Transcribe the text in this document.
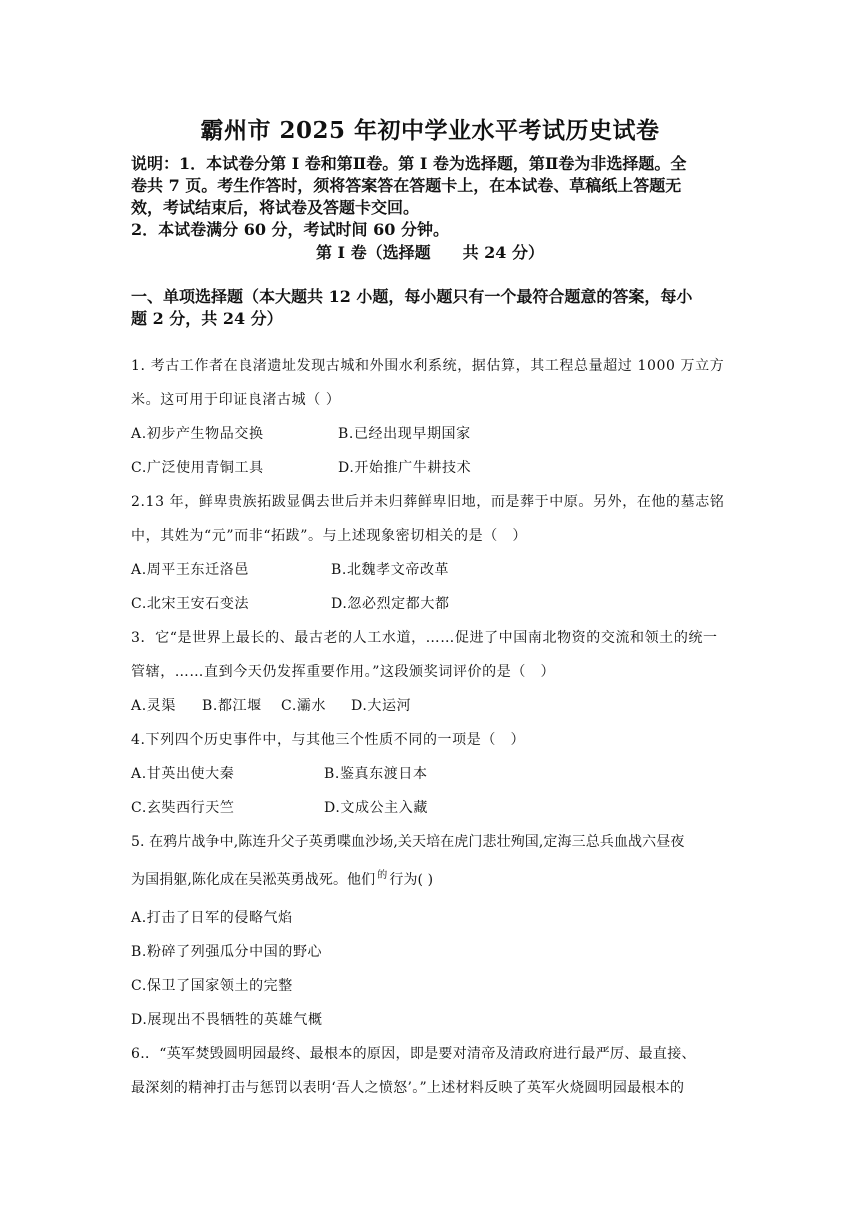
霸州市 2025 年初中学业水平考试历史试卷
说明：1．本试卷分第 I 卷和第Ⅱ卷。第 I 卷为选择题，第Ⅱ卷为非选择题。全
卷共 7 页。考生作答时，须将答案答在答题卡上，在本试卷、草稿纸上答题无
效，考试结束后，将试卷及答题卡交回。
2．本试卷满分 60 分，考试时间 60 分钟。
第 I 卷（选择题　　共 24 分）
一、单项选择题（本大题共 12 小题，每小题只有一个最符合题意的答案，每小
题 2 分，共 24 分）
1. 考古工作者在良渚遗址发现古城和外围水利系统，据估算，其工程总量超过 1000 万立方
米。这可用于印证良渚古城（ ）
A.初步产生物品交换	B.已经出现早期国家
C.广泛使用青铜工具	D.开始推广牛耕技术
2.13 年，鲜卑贵族拓跋显偶去世后并未归葬鲜卑旧地，而是葬于中原。另外，在他的墓志铭
中，其姓为“元”而非“拓跋”。与上述现象密切相关的是（　）
A.周平王东迁洛邑	B.北魏孝文帝改革
C.北宋王安石变法	D.忽必烈定都大都
3．它“是世界上最长的、最古老的人工水道，……促进了中国南北物资的交流和领土的统一
管辖，……直到今天仍发挥重要作用。”这段颁奖词评价的是（　）
A.灵渠 B.都江堰 C.灞水 D.大运河
4.下列四个历史事件中，与其他三个性质不同的一项是（　）
A.甘英出使大秦	B.鉴真东渡日本
C.玄奘西行天竺	D.文成公主入藏
5. 在鸦片战争中,陈连升父子英勇喋血沙场,关天培在虎门悲壮殉国,定海三总兵血战六昼夜
为国捐躯,陈化成在吴淞英勇战死。他们 $^的$ 行为( )
A.打击了日军的侵略气焰
B.粉碎了列强瓜分中国的野心
C.保卫了国家领土的完整
D.展现出不畏牺牲的英雄气概
6.．“英军焚毁圆明园最终、最根本的原因，即是要对清帝及清政府进行最严厉、最直接、
最深刻的精神打击与惩罚以表明‘吾人之愤怒’。”上述材料反映了英军火烧圆明园最根本的
